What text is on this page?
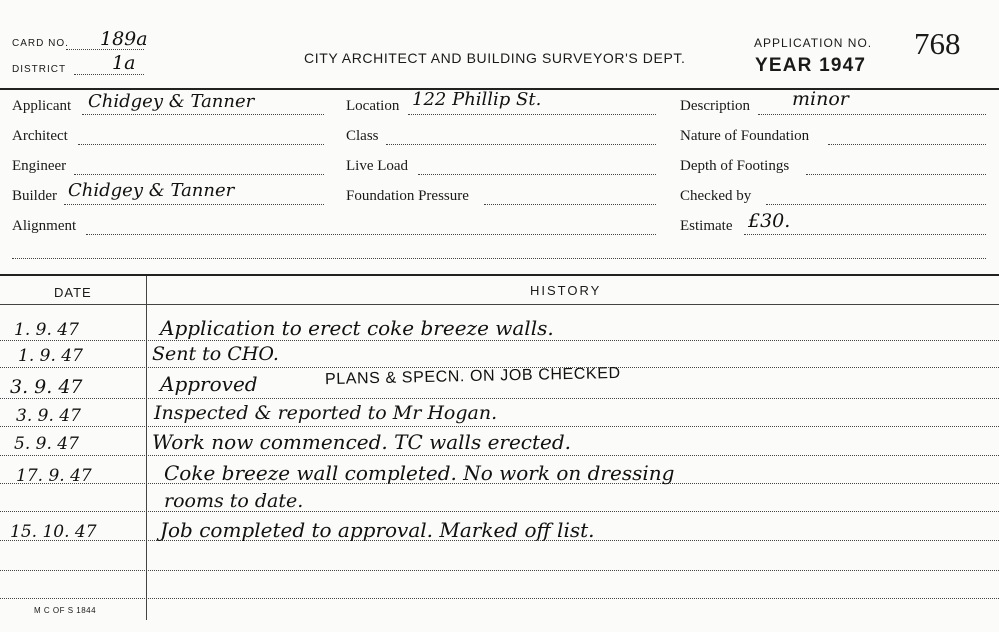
CARD NO. 189a
DISTRICT 1a	CITY ARCHITECT AND BUILDING SURVEYOR'S DEPT.
APPLICATION NO. 768
YEAR 1947
Applicant Chidgey & Tanner
Architect
Engineer
Builder Chidgey & Tanner
Alignment
Location 122 Phillip St.
Class
Live Load
Foundation Pressure
Description minor
Nature of Foundation
Depth of Footings
Checked by
Estimate £30.
DATE	HISTORY
1. 9. 47	Application to erect coke breeze walls.
1. 9. 47	Sent to CHO.
3. 9. 47	Approved	PLANS & SPECN. ON JOB CHECKED
3. 9. 47	Inspected & reported to Mr Hogan.
5. 9. 47	Work now commenced. TC walls erected.
17. 9. 47	Coke breeze wall completed. No work on dressing
rooms to date.
15. 10. 47	Job completed to approval. Marked off list.
M C OF S 1844
